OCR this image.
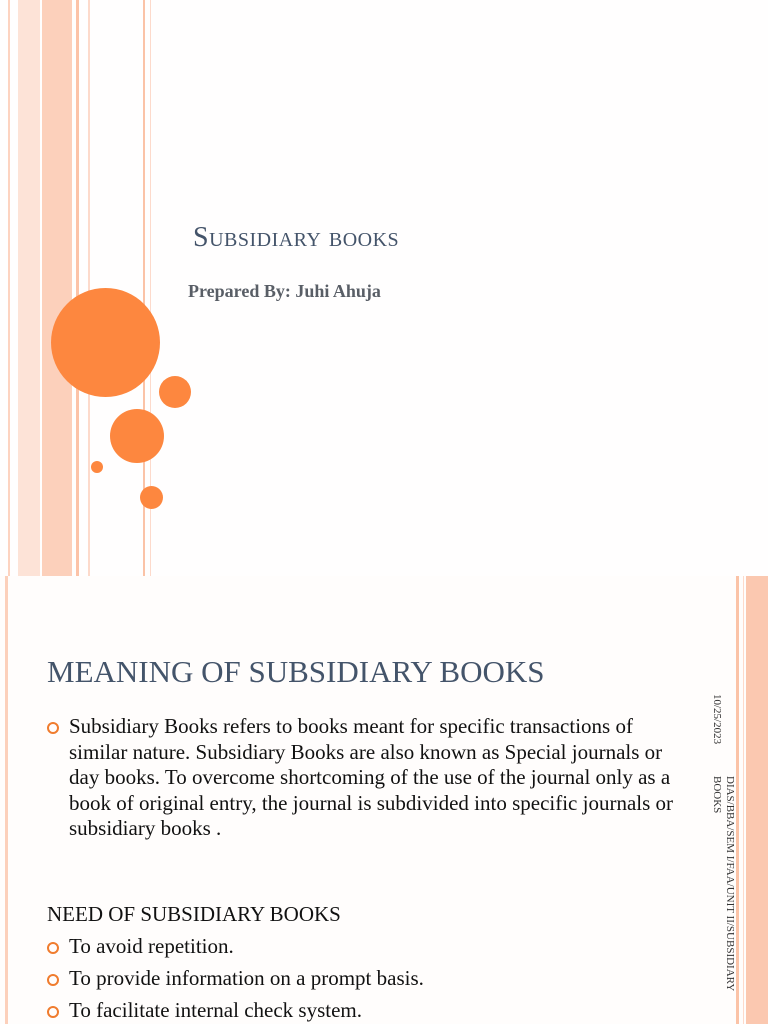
Subsidiary books
Prepared By: Juhi Ahuja
MEANING OF SUBSIDIARY BOOKS
Subsidiary Books refers to books meant for specific transactions of similar nature. Subsidiary Books are also known as Special journals or day books. To overcome shortcoming of the use of the journal only as a book of original entry, the journal is subdivided into specific journals or subsidiary books .
NEED OF SUBSIDIARY BOOKS
To avoid repetition.
To provide information on a prompt basis.
To facilitate internal check system.
10/25/2023
DIAS/BBA/SEM I/FAA/UNIT II/SUBSIDIARY BOOKS
